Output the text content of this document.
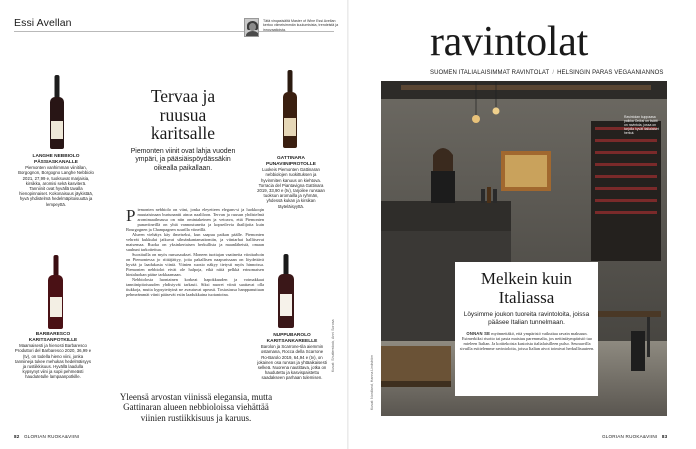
Essi Avellan	Tätä vinqasisältä Master of Wine Essi Avellan kertoo viimeisimmän kuulumisista, trendeistä ja innovaatioista.
LANGHE NEBBIOLO PÄSSIASKANALLE
Piemonten vanhimman viinitilan, Borgognon, Borgogno Langhe Nebbiolo 2021, 27,99 e, tuoksuvat marjaisia, kirsikka, aromisi sekä kasviterä. Tanniinit ovat hyvällä tavalla hienopinnaiset. Kokonaisuus jäykistää, hyvä yhdistelmä hedelmäpitoisuutta ja lempeyttä.
GATTINARA PUNAVIINIPROTOLLE
Luokeis Piemonten Gattinaran nebbiolojen ruokittuksen ja hyvinmiten kanuus on kiehtova. Torracia del Piantavigna Gattinara 2019, 33,90 e (tv), tarjoilee runsaan tuoksun aromailla ja ryhmän, yhdessä kukan ja kirsikan täyteläisyyttä.
BARBARESCO KARITSANPOTKILLE
Maamaisesti ja hienosti Barbaresco Produttori del Barbaresco 2020, 36,99 e (tv), on todella hieno viini, jonka tanniineja tukee mehukas hedelmäisyys ja rustiikkisuus. Hyvällä laadulla kypsynyt viini ja sopii pehmeästi haudutetulle lampaanpotkille.
NUPPUBAROLO KARITSANKAREELLE
Barolon ja Scarrone-tila aiemmin ostamana, Rocca della Scarrone Ro-Barolo 2019, 64,94 e (tv), on jokainen osa runsas ja yhtäaikaisesti selkeä. Nuorena nautittava, jotka on haudutettu ja kasvispaistettu saadakseen parhaan tulemisen.
Tervaa ja ruusua karitsalle
Piemonten viinit ovat lahja vuoden ympäri, ja pääsiäispöydässäkin oikealla paikallaan.
P iemonten nebbiolo on viini, jonka eleyetteen elegans-si ja luokkoqin muutaisinaan burtunantti ainoa naaliloon. Tervan ja ruusun yhdistelmä aromimaailmassa on niin omintakeinen ja vetoava, että Piemonten punaviineillä on yhtä vannoutuneita ja kopseilevia ihailijoita kuin Bourgognen ja Champagnen suurilla viineillä.

Alueen viehätys käy ilmeiseksi, kun saapuu paikan päälle. Piemonten vehreät kukkulat jatkuvat silmänkantamattomiin, ja viiniarhat hallitsevat maisemaa. Ruoka on yksinkertaisen herkullista ja maanläheistä, omaan suuhuni tarkoitettua.

Suosituilla on myös runsasaukset. Moneen tuottajan vaatineita viinitarhoin on Piemontessa jo riittäjättyy, joita pakallisen naapurissaan on löydettävä hyvää ja laadukasta viiniä. Viinien suosio näkyy tietysti myös hinnoissa. Piemonten nebbiolot eivät ole halpoja, eikä niitä pelkkä erinomaisen hintaluokan pääse tarkkaamaan.

Nebbiolosta luontainen korkeat hapokkuuden ja voimakkaat tanniinipitoisuuden yhdistyvät tarkasti. Siksi nuoret viinit saattavat olla tiukkoja, mutta kypsytettyinä ne avautuvat upeasti. Tosiasiassa hanppanuttuan pehmeämmät viinit pääsevät esiin laadukkaina tuotantoina.

Yleensä arvostan viinissä elegansia, mutta Gattinaran alueen nebbioloissa viehättää viinien rustiikkisuus ja karuus.
Kuvat: Shutterstock, Anni Sorosa
82 GLORIAN RUOKA&VIINI
ravintolat
SUOMEN ITALIALAISIMMAT RAVINTOLAT / HELSINGIN PARAS VEGAANIANNOS
Ravintolan kuppaasa paikka Oniksi on lisätti on ravintola, jossa on tarjolla hyvät italialaiset herkut.
Kuvat: Nordland, Hanna Lindström
Melkein kuin Italiassa
Löysimme joukon tuoreita ravintoloita, joissa pääsee Italian tunnelmaan.
ONNAN SE myönnettäkö, että ympäristö vaikuttaa ravain maksuun. Esimerkiksi risotto tai pasta maistuu paremmalta, jos nettiniäympäristö tuo mieleen Italian. Ja kotitekoista kastoista italialaisilleen pulso. Seuraavilla sivuilla esittelemme ravintoloita, joissa Italian aivot toimivat herkullisuuteen.
GLORIAN RUOKA&VIINI 83
